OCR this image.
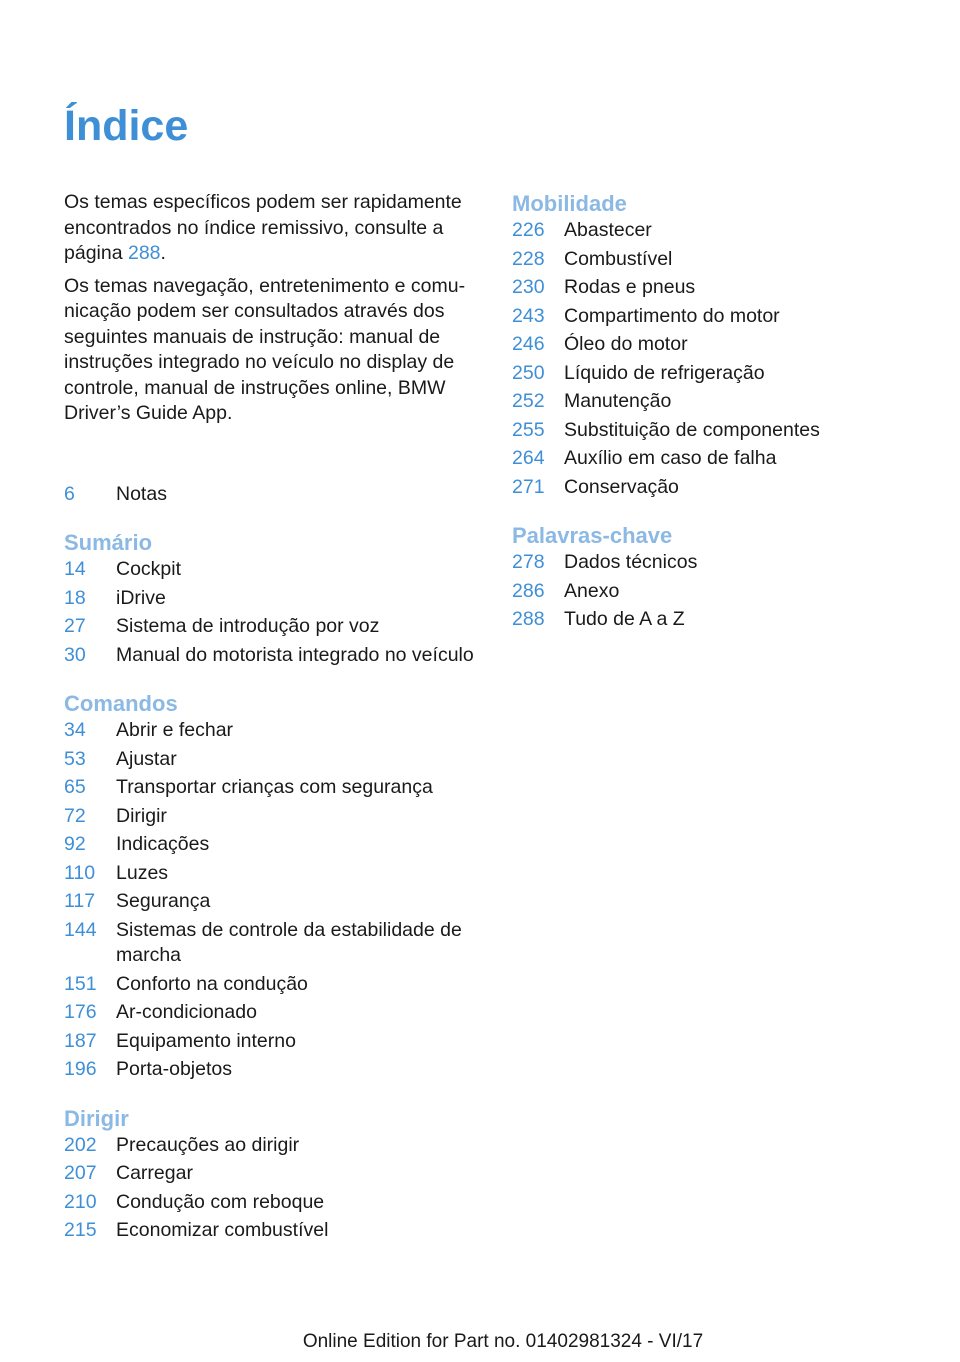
Índice

Os temas específicos podem ser rapidamente encontrados no índice remissivo, consulte a página 288.

Os temas navegação, entretenimento e comunicação podem ser consultados através dos seguintes manuais de instrução: manual de instruções integrado no veículo no display de controle, manual de instruções online, BMW Driver’s Guide App.

6	Notas
Sumário
14	Cockpit
18	iDrive
27	Sistema de introdução por voz
30	Manual do motorista integrado no veículo
Comandos
34	Abrir e fechar
53	Ajustar
65	Transportar crianças com segurança
72	Dirigir
92	Indicações
110	Luzes
117	Segurança
144 Sistemas de controle da estabilidade de marcha
151 Conforto na condução
176 Ar-condicionado
187 Equipamento interno
196 Porta-objetos
Dirigir
202 Precauções ao dirigir
207 Carregar
210 Condução com reboque
215 Economizar combustível
Mobilidade
226 Abastecer
228 Combustível
230 Rodas e pneus
243 Compartimento do motor
246 Óleo do motor
250 Líquido de refrigeração
252 Manutenção
255 Substituição de componentes
264 Auxílio em caso de falha
271 Conservação
Palavras-chave
278 Dados técnicos
286 Anexo
288 Tudo de A a Z
Online Edition for Part no. 01402981324 - VI/17
